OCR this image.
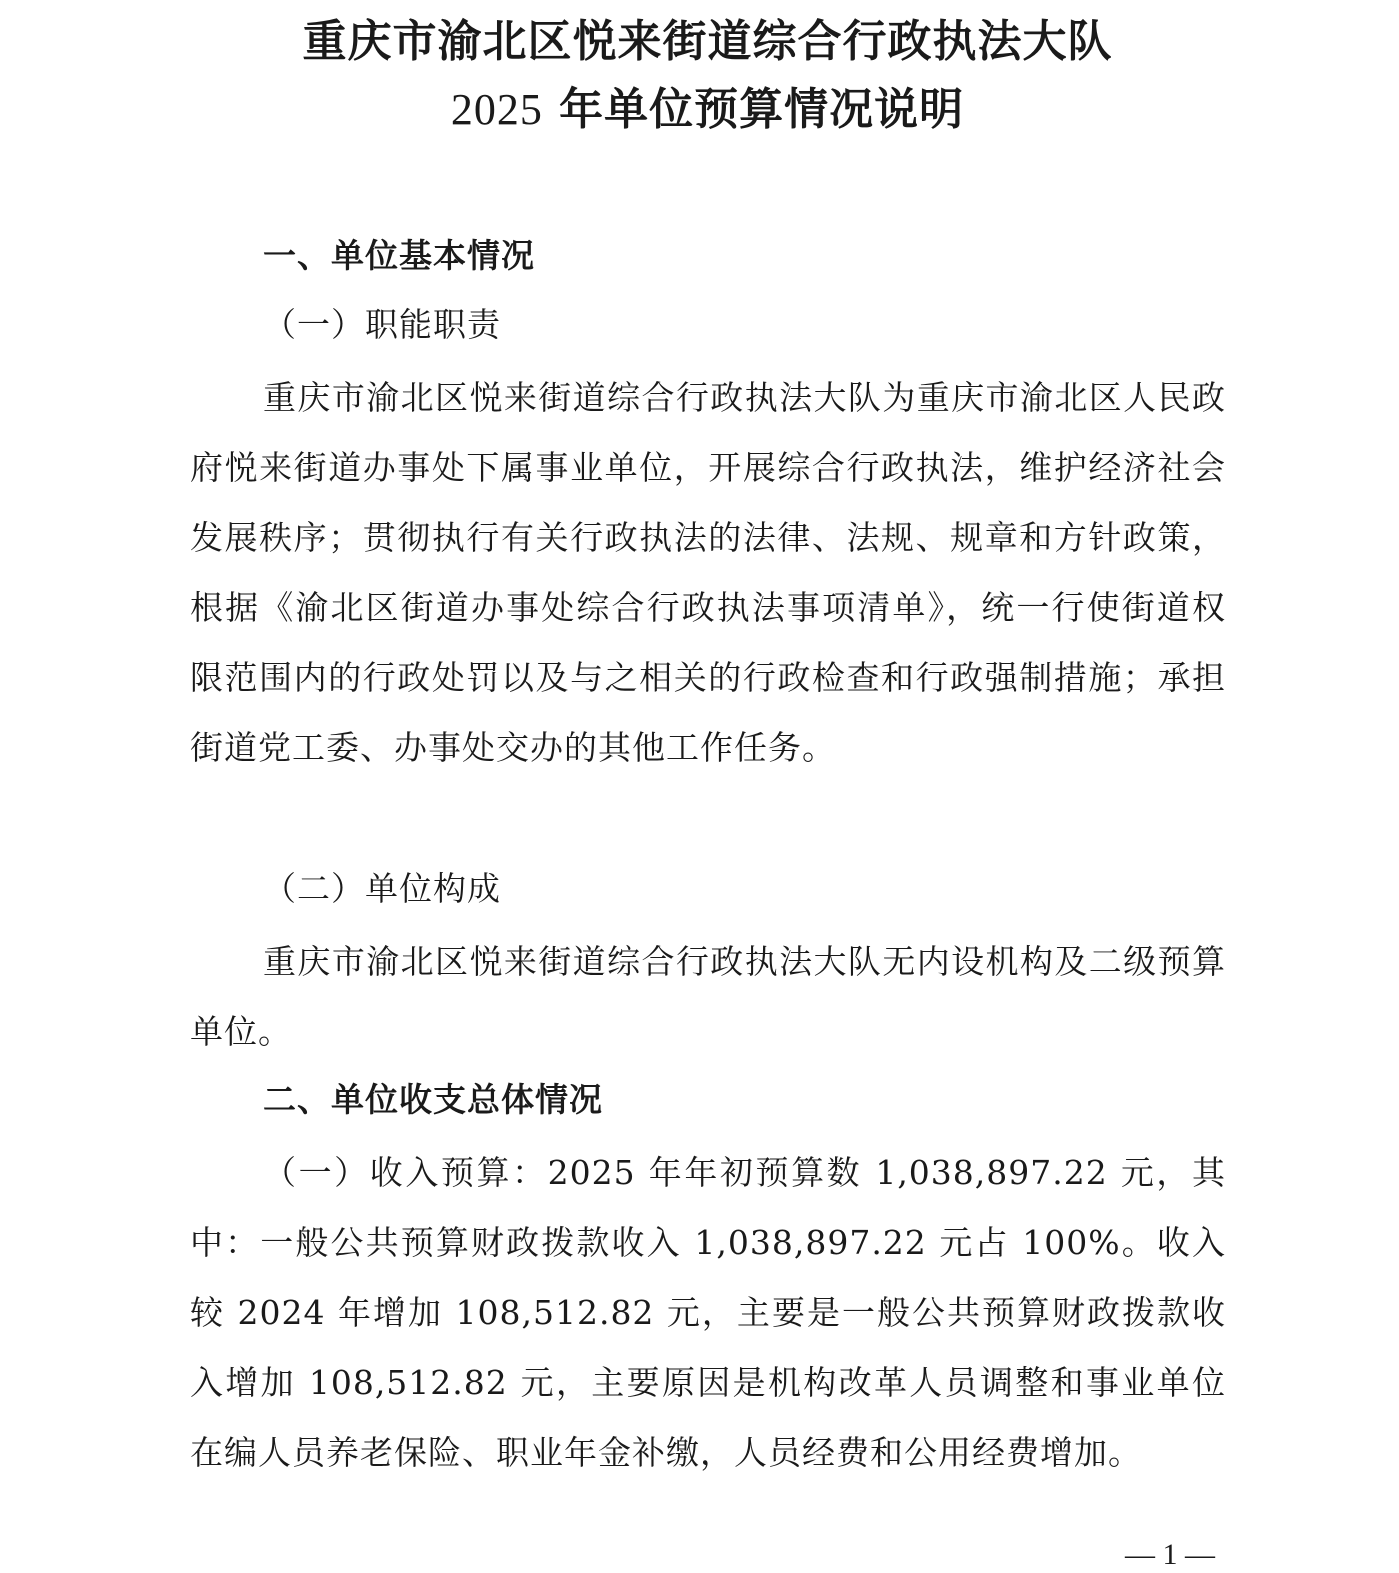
重庆市渝北区悦来街道综合行政执法大队
2025 年单位预算情况说明
一、单位基本情况
（一）职能职责

重庆市渝北区悦来街道综合行政执法大队为重庆市渝北区人民政府悦来街道办事处下属事业单位，开展综合行政执法，维护经济社会发展秩序；贯彻执行有关行政执法的法律、法规、规章和方针政策，根据《渝北区街道办事处综合行政执法事项清单》，统一行使街道权限范围内的行政处罚以及与之相关的行政检查和行政强制措施；承担街道党工委、办事处交办的其他工作任务。

（二）单位构成

重庆市渝北区悦来街道综合行政执法大队无内设机构及二级预算单位。

二、单位收支总体情况

（一）收入预算：2025 年年初预算数 1,038,897.22 元，其中：一般公共预算财政拨款收入 1,038,897.22 元占 100%。收入较 2024 年增加 108,512.82 元，主要是一般公共预算财政拨款收入增加 108,512.82 元，主要原因是机构改革人员调整和事业单位在编人员养老保险、职业年金补缴，人员经费和公用经费增加。

— 1 —
